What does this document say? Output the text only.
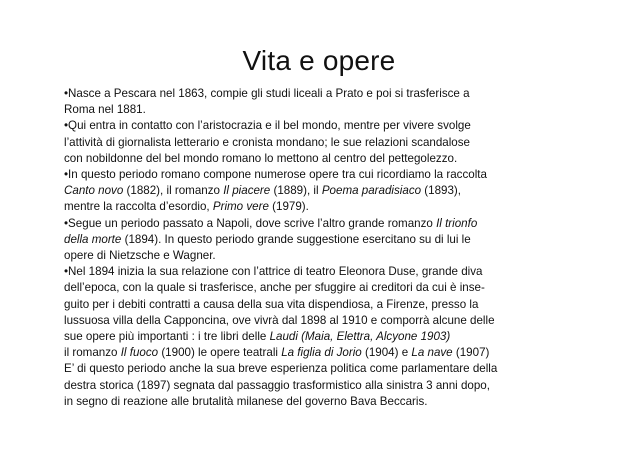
Vita e opere
•Nasce a Pescara nel 1863, compie gli studi liceali a Prato e poi si trasferisce a
Roma nel 1881.
•Qui entra in contatto con l’aristocrazia e il bel mondo, mentre per vivere svolge
l’attività di giornalista letterario e cronista mondano; le sue relazioni scandalose
con nobildonne del bel mondo romano lo mettono al centro del pettegolezzo.
•In questo periodo romano compone numerose opere tra cui ricordiamo la raccolta
Canto novo (1882), il romanzo Il piacere (1889), il Poema paradisiaco (1893),
mentre la raccolta d’esordio, Primo vere (1979).
•Segue un periodo passato a Napoli, dove scrive l’altro grande romanzo Il trionfo
della morte (1894). In questo periodo grande suggestione esercitano su di lui le
opere di Nietzsche e Wagner.
•Nel 1894 inizia la sua relazione con l’attrice di teatro Eleonora Duse, grande diva
dell’epoca, con la quale si trasferisce, anche per sfuggire ai creditori da cui è inse-
guito per i debiti contratti a causa della sua vita dispendiosa, a Firenze, presso la
lussuosa villa della Capponcina, ove vivrà dal 1898 al 1910 e comporrà alcune delle
sue opere più importanti : i tre libri delle Laudi (Maia, Elettra, Alcyone 1903)
il romanzo Il fuoco (1900) le opere teatrali La figlia di Jorio (1904) e La nave (1907)
E’ di questo periodo anche la sua breve esperienza politica come parlamentare della
destra storica (1897) segnata dal passaggio trasformistico alla sinistra 3 anni dopo,
in segno di reazione alle brutalità milanese del governo Bava Beccaris.
